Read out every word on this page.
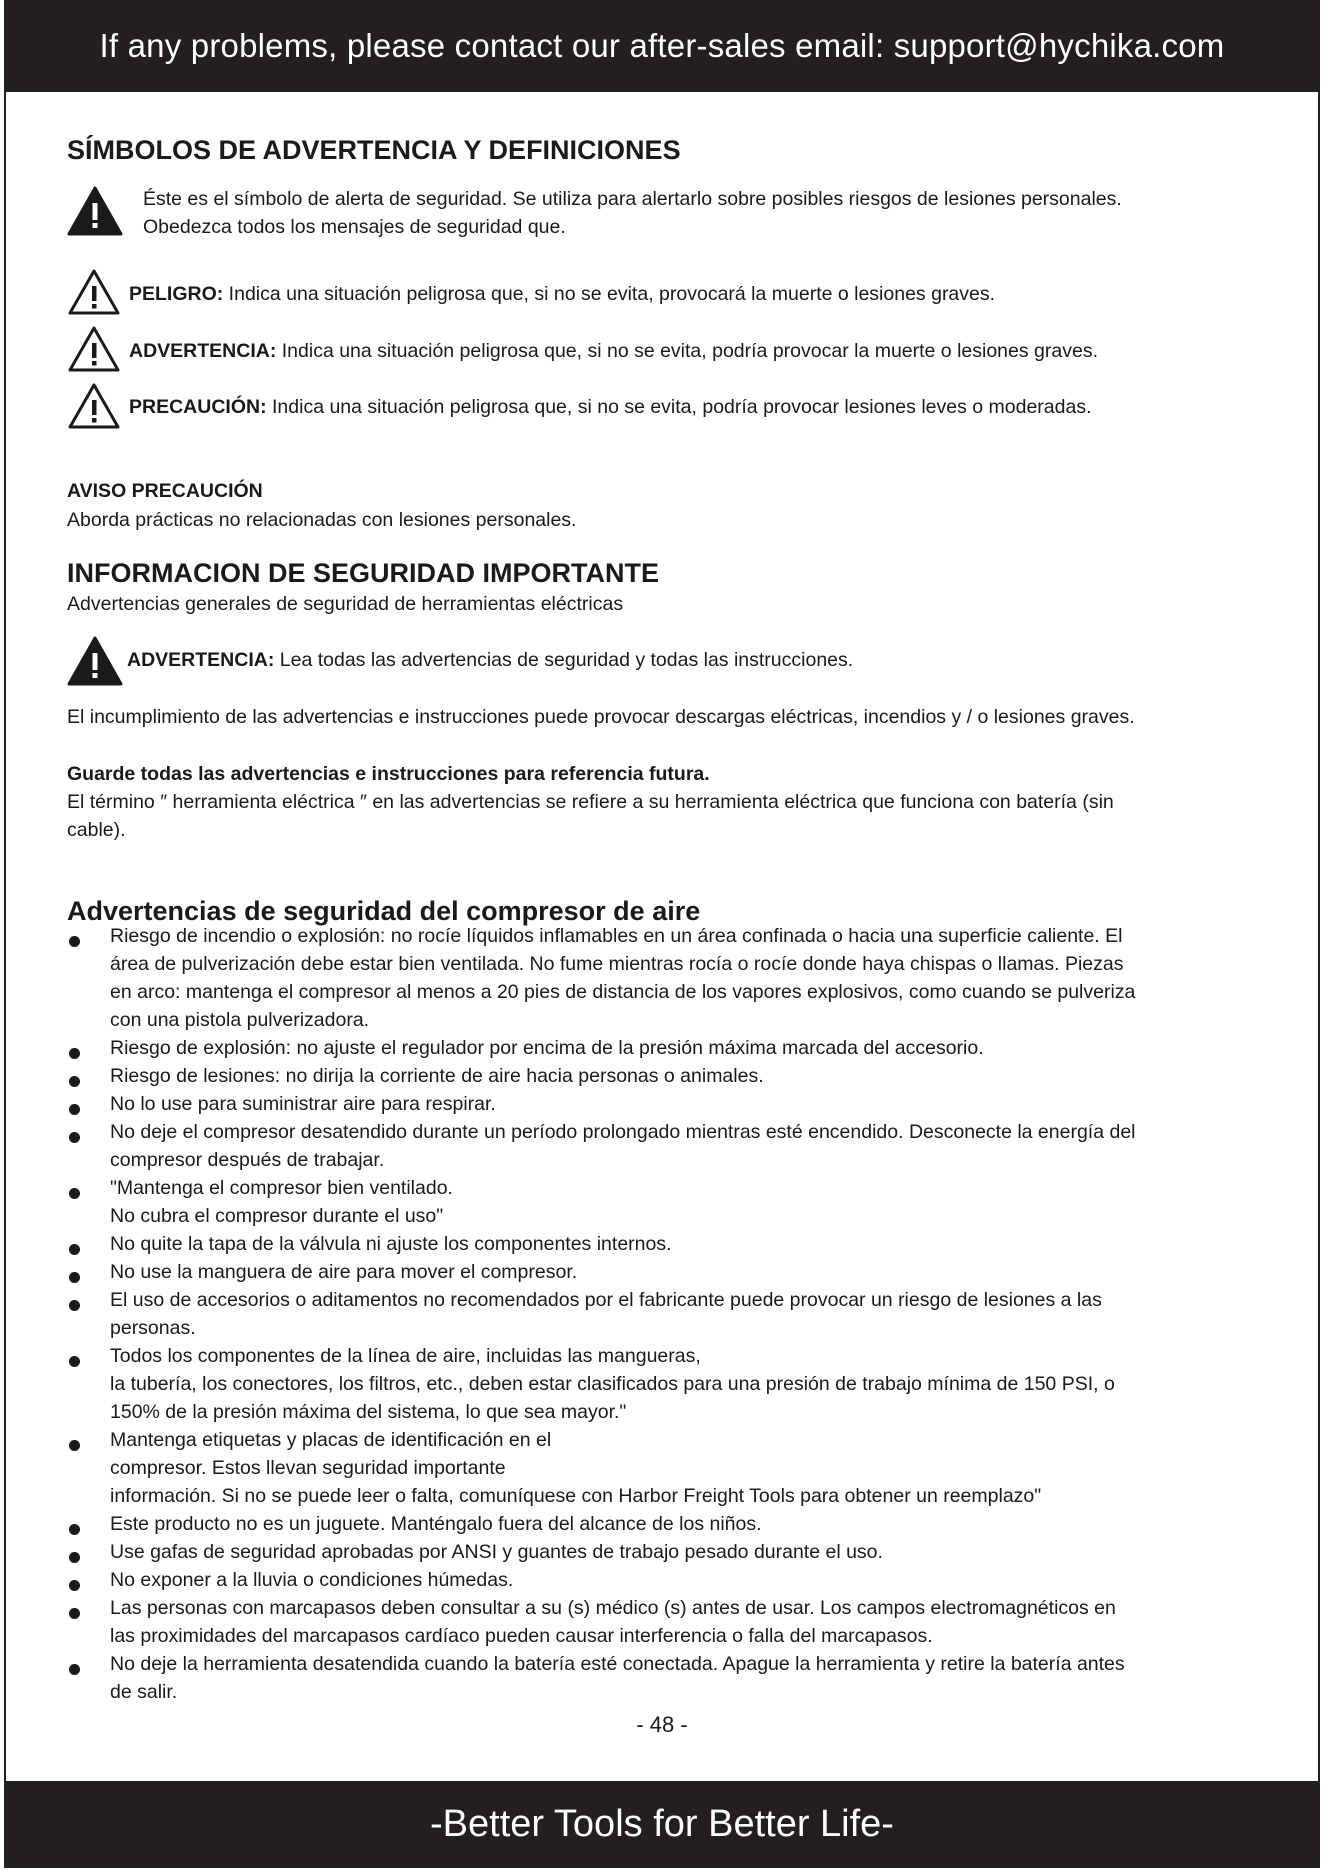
If any problems, please contact our after-sales email: support@hychika.com
SÍMBOLOS DE ADVERTENCIA Y DEFINICIONES
Éste es el símbolo de alerta de seguridad. Se utiliza para alertarlo sobre posibles riesgos de lesiones personales.
Obedezca todos los mensajes de seguridad que.
PELIGRO: Indica una situación peligrosa que, si no se evita, provocará la muerte o lesiones graves.
ADVERTENCIA: Indica una situación peligrosa que, si no se evita, podría provocar la muerte o lesiones graves.
PRECAUCIÓN: Indica una situación peligrosa que, si no se evita, podría provocar lesiones leves o moderadas.
AVISO PRECAUCIÓN
Aborda prácticas no relacionadas con lesiones personales.
INFORMACION DE SEGURIDAD IMPORTANTE
Advertencias generales de seguridad de herramientas eléctricas
ADVERTENCIA: Lea todas las advertencias de seguridad y todas las instrucciones.
El incumplimiento de las advertencias e instrucciones puede provocar descargas eléctricas, incendios y / o lesiones graves.
Guarde todas las advertencias e instrucciones para referencia futura.
El término ″ herramienta eléctrica ″ en las advertencias se refiere a su herramienta eléctrica que funciona con batería (sin
cable).
Advertencias de seguridad del compresor de aire
Riesgo de incendio o explosión: no rocíe líquidos inflamables en un área confinada o hacia una superficie caliente. El
área de pulverización debe estar bien ventilada. No fume mientras rocía o rocíe donde haya chispas o llamas. Piezas
en arco: mantenga el compresor al menos a 20 pies de distancia de los vapores explosivos, como cuando se pulveriza
con una pistola pulverizadora.
Riesgo de explosión: no ajuste el regulador por encima de la presión máxima marcada del accesorio.
Riesgo de lesiones: no dirija la corriente de aire hacia personas o animales.
No lo use para suministrar aire para respirar.
No deje el compresor desatendido durante un período prolongado mientras esté encendido. Desconecte la energía del
compresor después de trabajar.
"Mantenga el compresor bien ventilado.
No cubra el compresor durante el uso"
No quite la tapa de la válvula ni ajuste los componentes internos.
No use la manguera de aire para mover el compresor.
El uso de accesorios o aditamentos no recomendados por el fabricante puede provocar un riesgo de lesiones a las
personas.
Todos los componentes de la línea de aire, incluidas las mangueras,
la tubería, los conectores, los filtros, etc., deben estar clasificados para una presión de trabajo mínima de 150 PSI, o
150% de la presión máxima del sistema, lo que sea mayor."
Mantenga etiquetas y placas de identificación en el
compresor. Estos llevan seguridad importante
información. Si no se puede leer o falta, comuníquese con Harbor Freight Tools para obtener un reemplazo"
Este producto no es un juguete. Manténgalo fuera del alcance de los niños.
Use gafas de seguridad aprobadas por ANSI y guantes de trabajo pesado durante el uso.
No exponer a la lluvia o condiciones húmedas.
Las personas con marcapasos deben consultar a su (s) médico (s) antes de usar. Los campos electromagnéticos en
las proximidades del marcapasos cardíaco pueden causar interferencia o falla del marcapasos.
No deje la herramienta desatendida cuando la batería esté conectada. Apague la herramienta y retire la batería antes
de salir.
- 48 -
-Better Tools for Better Life-
